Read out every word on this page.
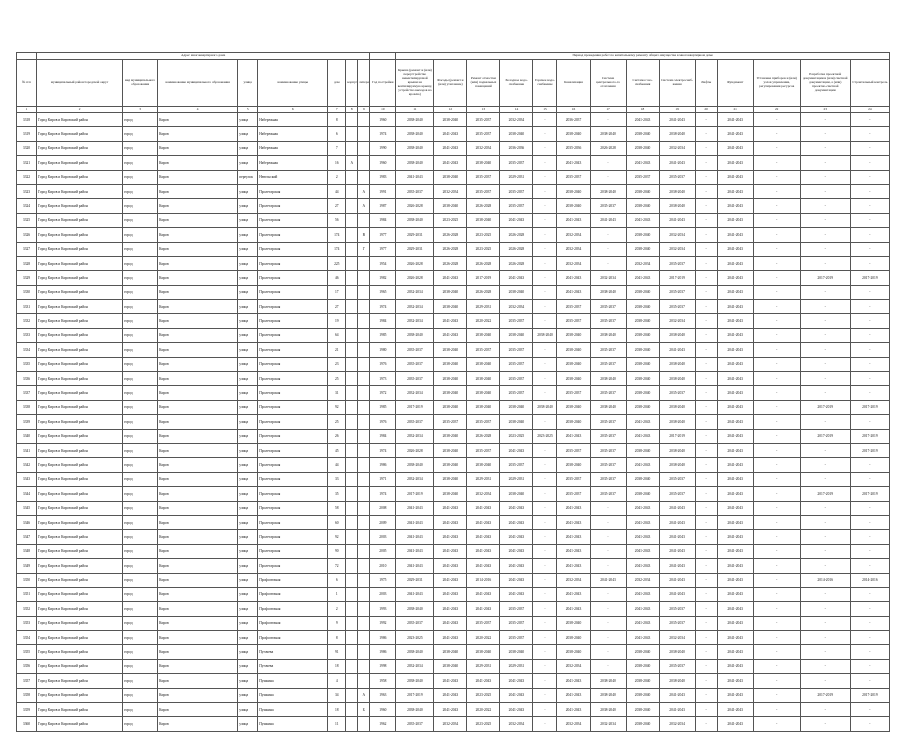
	Адрес многоквартирного дома									Период проведения работ по капитальному ремонту общего имущества в многоквартирном доме													
№ п/п	муниципальный район/городской округ	вид муниципального образования	наименование муниципального образования	улица	наименование улицы	дом	корпус	литера	Год постройки	Крыша (ремонт и (или) переустройство невентилируемой крыши на вентилируемую крышу, устройство выходов на кровлю)	Фасады (ремонт и (или) утепление)	Ремонт отмостки (или) подвальных помещений	Холодное водо-снабжение	Горячее водо-снабжение	Канализация	Система центрального-го отопления	Система газо-снабжения	Система электроснаб-жения	Лифты	Фундамент	Установка приборов и (или) узлов управления, регулирования ресурсов	Разработка проектной документации и (или) сметной документации, а (или) проектно-сметной документации	Строительный контроль
1	2	3	4	5	6	7	8	9	10	11	12	13	14	15	16	17	18	19	20	21	22	23	24
3318	Город Киров и Кировский район	город	Киров	улица	Набережная	8			1960	2038-2040	2038-2040	2035-2037	2032-2034	-	2036-2037	-	2041-2043	2041-2043	-	2041-2043	-	-	-
3319	Город Киров и Кировский район	город	Киров	улица	Набережная	6			1974	2038-2040	2041-2043	2035-2037	2038-2040	-	2038-2040	2038-2040	2038-2040	2038-2040	-	2041-2043	-	-	-
3320	Город Киров и Кировский район	город	Киров	улица	Набережная	7			1990	2038-2040	2041-2043	2032-2034	2036-2036	-	2035-2036	2026-2028	2038-2040	2032-2034	-	2041-2043	-	-	-
3321	Город Киров и Кировский район	город	Киров	улица	Набережная	16	А		1960	2038-2040	2041-2043	2038-2040	2035-2037	-	2041-2043	-	2041-2043	2041-2043	-	2041-2043	-	-	-
3322	Город Киров и Кировский район	город	Киров	переулок	Невельский	2			1983	2041-2043	2038-2040	2035-2037	2029-2031	-	2035-2037	-	2035-2037	2035-2037	-	2041-2043	-	-	-
3323	Город Киров и Кировский район	город	Киров	улица	Пролетарская	44		А	1991	2035-2037	2032-2034	2035-2037	2035-2037	-	2038-2040	2038-2040	2038-2040	2038-2040	-	2041-2043	-	-	-
3324	Город Киров и Кировский район	город	Киров	улица	Пролетарская	27		А	1987	2026-2028	2038-2040	2026-2028	2035-2037	-	2038-2040	2035-2037	2038-2040	2038-2040	-	2041-2043	-	-	-
3325	Город Киров и Кировский район	город	Киров	улица	Пролетарская	56			1984	2038-2040	2023-2025	2038-2040	2041-2043	-	2041-2043	2041-2043	2041-2043	2041-2043	-	2041-2043	-	-	-
3326	Город Киров и Кировский район	город	Киров	улица	Пролетарская	174		В	1977	2029-2031	2026-2028	2023-2025	2026-2028	-	2032-2034	-	2038-2040	2032-2034	-	2041-2043	-	-	-
3327	Город Киров и Кировский район	город	Киров	улица	Пролетарская	174		Г	1977	2029-2031	2026-2028	2023-2025	2026-2028	-	2032-2034	-	2038-2040	2032-2034	-	2041-2043	-	-	-
3328	Город Киров и Кировский район	город	Киров	улица	Пролетарская	225			1954	2026-2028	2026-2028	2026-2028	2026-2028	-	2032-2034	-	2032-2034	2035-2037	-	2041-2043	-	-	-
3329	Город Киров и Кировский район	город	Киров	улица	Пролетарская	46			1982	2026-2028	2041-2043	2017-2019	2041-2043	-	2041-2043	2032-2034	2041-2043	2017-2019	-	2041-2043	-	2017-2019	2017-2019
3330	Город Киров и Кировский район	город	Киров	улица	Пролетарская	17			1965	2032-2034	2038-2040	2026-2028	2038-2040	-	2041-2043	2038-2040	2038-2040	2035-2037	-	2041-2043	-	-	-
3331	Город Киров и Кировский район	город	Киров	улица	Пролетарская	27			1974	2032-2034	2038-2040	2029-2031	2032-2034	-	2035-2037	2035-2037	2038-2040	2035-2037	-	2041-2043	-	-	-
3332	Город Киров и Кировский район	город	Киров	улица	Пролетарская	19			1984	2032-2034	2041-2043	2020-2022	2035-2037	-	2035-2037	2035-2037	2038-2040	2032-2034	-	2041-2043	-	-	-
3333	Город Киров и Кировский район	город	Киров	улица	Пролетарская	64			1985	2038-2040	2041-2043	2038-2040	2038-2040	2038-2040	2038-2040	2038-2040	2038-2040	2038-2040	-	2041-2043	-	-	-
3334	Город Киров и Кировский район	город	Киров	улица	Пролетарская	21			1980	2035-2037	2038-2040	2035-2037	2035-2037	-	2038-2040	2035-2037	2038-2040	2041-2043	-	2041-2043	-	-	-
3335	Город Киров и Кировский район	город	Киров	улица	Пролетарская	23			1976	2035-2037	2038-2040	2038-2040	2035-2037	-	2038-2040	2035-2037	2038-2040	2038-2040	-	2041-2043	-	-	-
3336	Город Киров и Кировский район	город	Киров	улица	Пролетарская	25			1973	2035-2037	2038-2040	2038-2040	2035-2037	-	2038-2040	2038-2040	2038-2040	2038-2040	-	2041-2043	-	-	-
3337	Город Киров и Кировский район	город	Киров	улица	Пролетарская	31			1972	2032-2034	2038-2040	2038-2040	2035-2037	-	2035-2037	2035-2037	2038-2040	2035-2037	-	2041-2043	-	-	-
3338	Город Киров и Кировский район	город	Киров	улица	Пролетарская	92			1985	2017-2019	2038-2040	2038-2040	2038-2040	2038-2040	2038-2040	2038-2040	2038-2040	2038-2040	-	2041-2043	-	2017-2019	2017-2019
3339	Город Киров и Кировский район	город	Киров	улица	Пролетарская	25			1976	2035-2037	2035-2037	2035-2037	2038-2040	-	2038-2040	2035-2037	2041-2043	2038-2040	-	2041-2043	-	-	-
3340	Город Киров и Кировский район	город	Киров	улица	Пролетарская	26			1984	2032-2034	2038-2040	2026-2028	2023-2025	2023-2025	2041-2043	2035-2037	2041-2043	2017-2019	-	2041-2043	-	2017-2019	2017-2019
3341	Город Киров и Кировский район	город	Киров	улица	Пролетарская	45			1974	2026-2028	2038-2040	2035-2037	2041-2043	-	2035-2037	2035-2037	2038-2040	2038-2040	-	2041-2043	-	-	2017-2019
3342	Город Киров и Кировский район	город	Киров	улица	Пролетарская	44			1986	2038-2040	2038-2040	2038-2040	2035-2037	-	2038-2040	2035-2037	2041-2043	2038-2040	-	2041-2043	-	-	-
3343	Город Киров и Кировский район	город	Киров	улица	Пролетарская	33			1971	2032-2034	2038-2040	2029-2031	2029-2031	-	2035-2037	2035-2037	2038-2040	2035-2037	-	2041-2043	-	-	-
3344	Город Киров и Кировский район	город	Киров	улица	Пролетарская	35			1974	2017-2019	2038-2040	2032-2034	2038-2040	-	2035-2037	2035-2037	2038-2040	2035-2037	-	2041-2043	-	2017-2019	2017-2019
3345	Город Киров и Кировский район	город	Киров	улица	Пролетарская	58			2008	2041-2043	2041-2043	2041-2043	2041-2043	-	2041-2043	-	2041-2043	2041-2043	-	2041-2043	-	-	-
3346	Город Киров и Кировский район	город	Киров	улица	Пролетарская	60			2009	2041-2043	2041-2043	2041-2043	2041-2043	-	2041-2043	-	2041-2043	2041-2043	-	2041-2043	-	-	-
3347	Город Киров и Кировский район	город	Киров	улица	Пролетарская	92			2003	2041-2043	2041-2043	2041-2043	2041-2043	-	2041-2043	-	2041-2043	2041-2043	-	2041-2043	-	-	-
3348	Город Киров и Кировский район	город	Киров	улица	Пролетарская	90			2005	2041-2043	2041-2043	2041-2043	2041-2043	-	2041-2043	-	2041-2043	2041-2043	-	2041-2043	-	-	-
3349	Город Киров и Кировский район	город	Киров	улица	Пролетарская	72			2010	2041-2043	2041-2043	2041-2043	2041-2043	-	2041-2043	-	2041-2043	2041-2043	-	2041-2043	-	-	-
3350	Город Киров и Кировский район	город	Киров	улица	Профсоюзная	6			1975	2029-2031	2041-2043	2014-2016	2041-2043	-	2032-2034	2041-2043	2032-2034	2041-2043	-	2041-2043	-	2014-2016	2014-2016
3351	Город Киров и Кировский район	город	Киров	улица	Профсоюзная	1			2003	2041-2043	2041-2043	2041-2043	2041-2043	-	2041-2043	-	2041-2043	2041-2043	-	2041-2043	-	-	-
3352	Город Киров и Кировский район	город	Киров	улица	Профсоюзная	2			1993	2038-2040	2041-2043	2041-2043	2035-2037	-	2041-2043	-	2041-2043	2035-2037	-	2041-2043	-	-	-
3353	Город Киров и Кировский район	город	Киров	улица	Профсоюзная	9			1992	2035-2037	2041-2043	2035-2037	2035-2037	-	2038-2040	-	2041-2043	2035-2037	-	2041-2043	-	-	-
3354	Город Киров и Кировский район	город	Киров	улица	Профсоюзная	8			1986	2023-2025	2041-2043	2020-2022	2035-2037	-	2038-2040	-	2041-2043	2032-2034	-	2041-2043	-	-	-
3355	Город Киров и Кировский район	город	Киров	улица	Пугачева	91			1986	2038-2040	2038-2040	2038-2040	2038-2040	-	2038-2040	-	2038-2040	2038-2040	-	2041-2043	-	-	-
3356	Город Киров и Кировский район	город	Киров	улица	Пугачева	18			1998	2032-2034	2038-2040	2029-2031	2029-2031	-	2032-2034	-	2038-2040	2035-2037	-	2041-2043	-	-	-
3357	Город Киров и Кировский район	город	Киров	улица	Пушкина	4			1958	2038-2040	2041-2043	2041-2043	2041-2043	-	2041-2043	2038-2040	2038-2040	2038-2040	-	2041-2043	-	-	-
3358	Город Киров и Кировский район	город	Киров	улица	Пушкина	34		А	1963	2017-2019	2041-2043	2023-2025	2041-2043	-	2041-2043	2038-2040	2038-2040	2041-2043	-	2041-2043	-	2017-2019	2017-2019
3359	Город Киров и Кировский район	город	Киров	улица	Пушкина	18		Б	1960	2038-2040	2041-2043	2020-2022	2041-2043	-	2041-2043	2038-2040	2038-2040	2041-2043	-	2041-2043	-	-	-
3360	Город Киров и Кировский район	город	Киров	улица	Пушкина	11			1962	2035-2037	2032-2034	2023-2025	2032-2034	-	2032-2034	2032-2034	2038-2040	2032-2034	-	2041-2043	-	-	-
.
